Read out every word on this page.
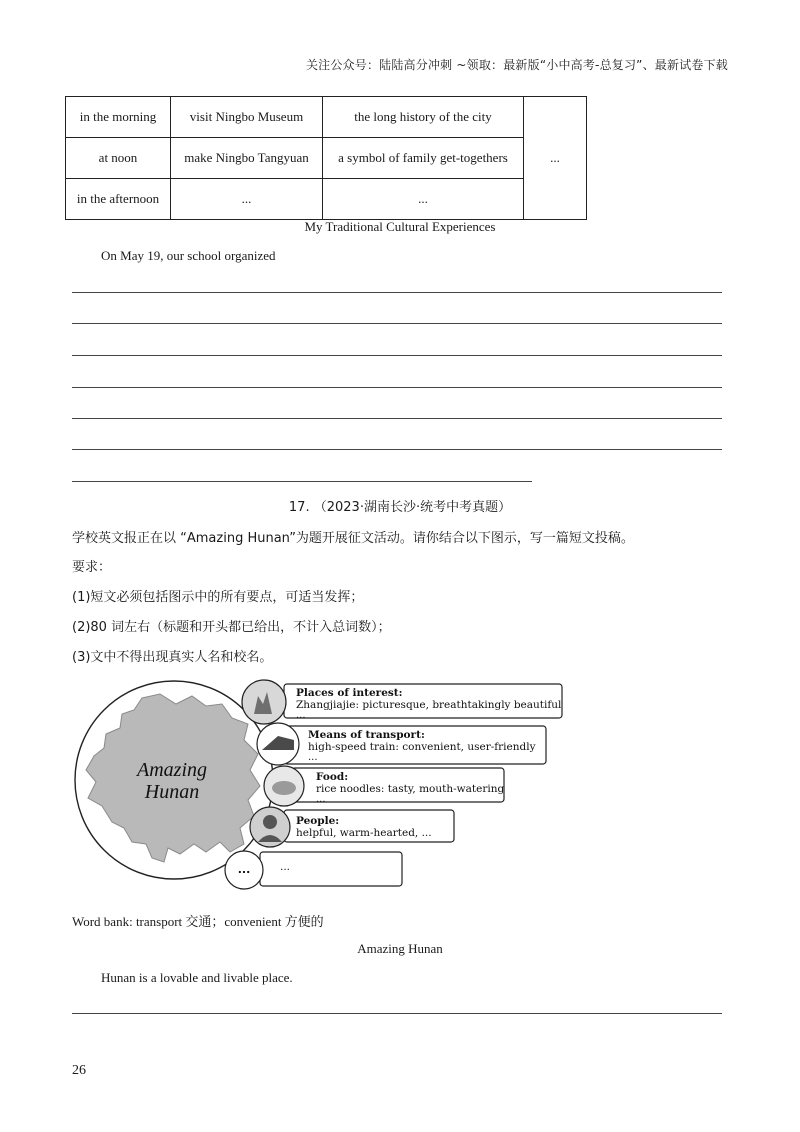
关注公众号：陆陆高分冲刺 ~领取：最新版“小中高考-总复习”、最新试卷下载
in the morning	visit Ningbo Museum	the long history of the city	...
at noon	make Ningbo Tangyuan	a symbol of family get-togethers	
in the afternoon	...	...	
My Traditional Cultural Experiences
On May 19, our school organized
17. （2023·湖南长沙·统考中考真题）
学校英文报正在以 “Amazing Hunan”为题开展征文活动。请你结合以下图示，写一篇短文投稿。
要求：
(1)短文必须包括图示中的所有要点，可适当发挥；
(2)80 词左右（标题和开头都已给出，不计入总词数）；
(3)文中不得出现真实人名和校名。
Amazing
Hunan
Places of interest:
Zhangjiajie: picturesque, breathtakingly beautiful
...
Means of transport:
high-speed train: convenient, user-friendly
...
Food:
rice noodles: tasty, mouth-watering
...
People:
helpful, warm-hearted, ...
...	...
Word bank: transport 交通；convenient 方便的
Amazing Hunan
Hunan is a lovable and livable place.
26
